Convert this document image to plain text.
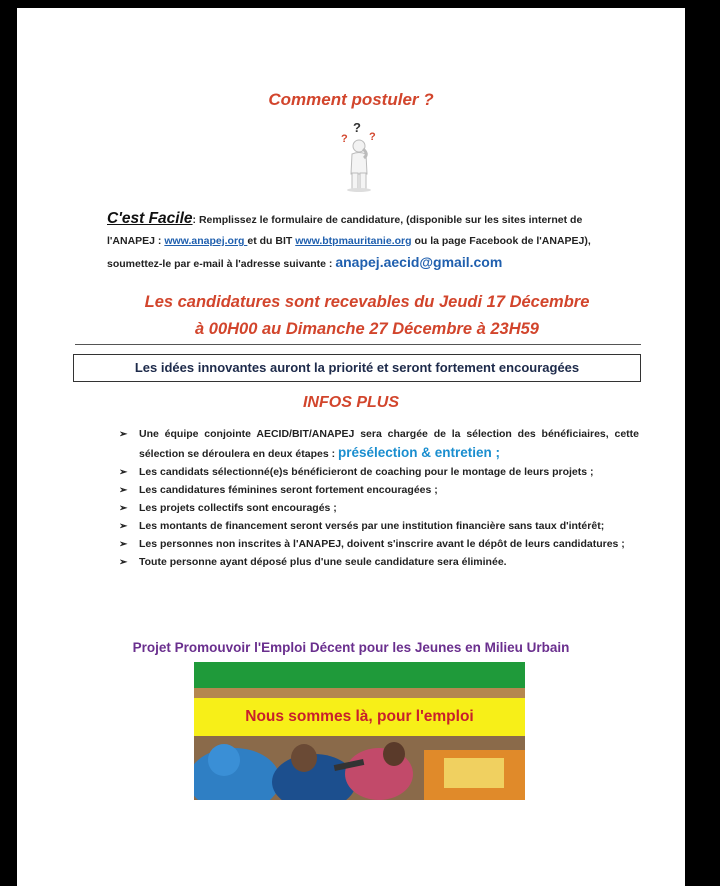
Comment postuler ?
?
? ?
C'est Facile: Remplissez le formulaire de candidature, (disponible sur les sites internet de l'ANAPEJ : www.anapej.org et du BIT www.btpmauritanie.org ou la page Facebook de l'ANAPEJ), soumettez-le par e-mail à l'adresse suivante : anapej.aecid@gmail.com
Les candidatures sont recevables du Jeudi 17 Décembre
à 00H00 au Dimanche 27 Décembre à 23H59
Les idées innovantes auront la priorité et seront fortement encouragées
INFOS PLUS
➢ Une équipe conjointe AECID/BIT/ANAPEJ sera chargée de la sélection des bénéficiaires, cette sélection se déroulera en deux étapes : présélection & entretien ;
➢ Les candidats sélectionné(e)s bénéficieront de coaching pour le montage de leurs projets ;
➢ Les candidatures féminines seront fortement encouragées ;
➢ Les projets collectifs sont encouragés ;
➢ Les montants de financement seront versés par une institution financière sans taux d'intérêt;
➢ Les personnes non inscrites à l'ANAPEJ, doivent s'inscrire avant le dépôt de leurs candidatures ;
➢ Toute personne ayant déposé plus d'une seule candidature sera éliminée.
Projet Promouvoir l'Emploi Décent pour les Jeunes en Milieu Urbain
Nous sommes là, pour l'emploi
